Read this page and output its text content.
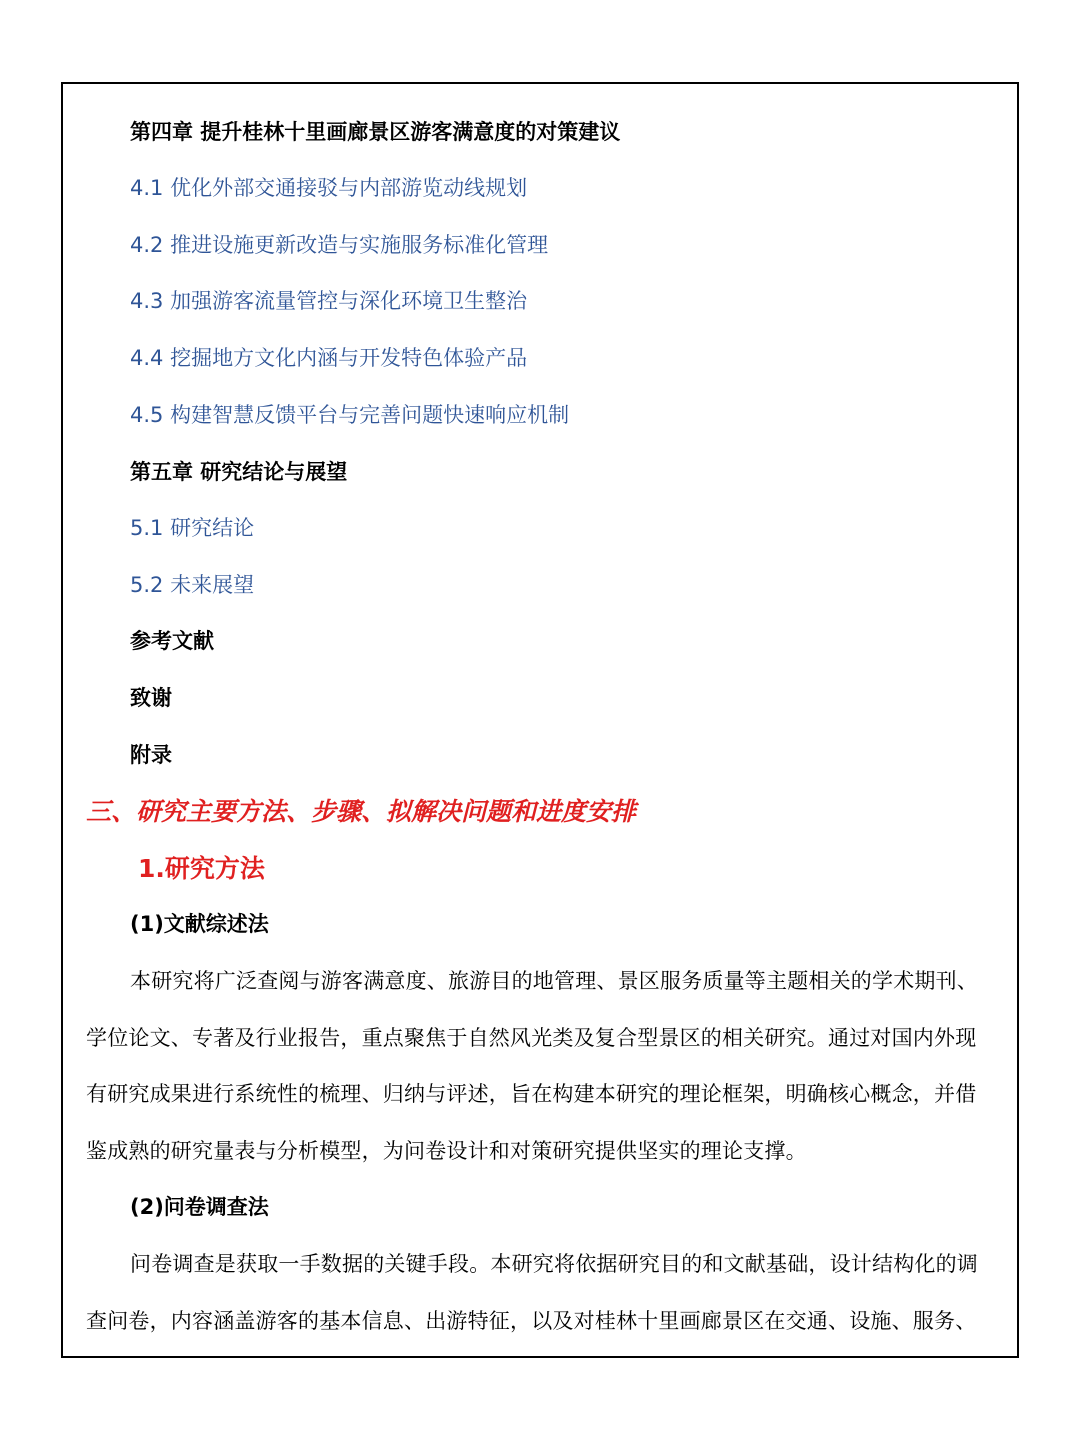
第四章 提升桂林十里画廊景区游客满意度的对策建议
4.1 优化外部交通接驳与内部游览动线规划
4.2 推进设施更新改造与实施服务标准化管理
4.3 加强游客流量管控与深化环境卫生整治
4.4 挖掘地方文化内涵与开发特色体验产品
4.5 构建智慧反馈平台与完善问题快速响应机制
第五章 研究结论与展望
5.1 研究结论
5.2 未来展望
参考文献
致谢
附录
三、研究主要方法、步骤、拟解决问题和进度安排
1.研究方法
(1)文献综述法
本研究将广泛查阅与游客满意度、旅游目的地管理、景区服务质量等主题相关的学术期刊、
学位论文、专著及行业报告，重点聚焦于自然风光类及复合型景区的相关研究。通过对国内外现
有研究成果进行系统性的梳理、归纳与评述，旨在构建本研究的理论框架，明确核心概念，并借
鉴成熟的研究量表与分析模型，为问卷设计和对策研究提供坚实的理论支撑。
(2)问卷调查法
问卷调查是获取一手数据的关键手段。本研究将依据研究目的和文献基础，设计结构化的调
查问卷，内容涵盖游客的基本信息、出游特征，以及对桂林十里画廊景区在交通、设施、服务、
